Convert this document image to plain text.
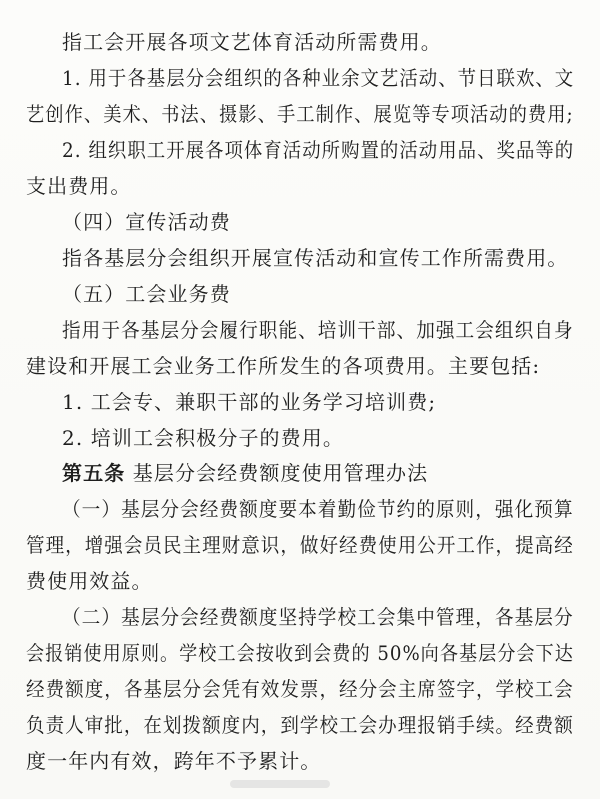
指工会开展各项文艺体育活动所需费用。
1. 用于各基层分会组织的各种业余文艺活动、节日联欢、文
艺创作、美术、书法、摄影、手工制作、展览等专项活动的费用;
2. 组织职工开展各项体育活动所购置的活动用品、奖品等的
支出费用。
（四）宣传活动费
指各基层分会组织开展宣传活动和宣传工作所需费用。
（五）工会业务费
指用于各基层分会履行职能、培训干部、加强工会组织自身
建设和开展工会业务工作所发生的各项费用。主要包括:
1. 工会专、兼职干部的业务学习培训费;
2. 培训工会积极分子的费用。
第五条 基层分会经费额度使用管理办法
（一）基层分会经费额度要本着勤俭节约的原则，强化预算
管理，增强会员民主理财意识，做好经费使用公开工作，提高经
费使用效益。
（二）基层分会经费额度坚持学校工会集中管理，各基层分
会报销使用原则。学校工会按收到会费的 50%向各基层分会下达
经费额度，各基层分会凭有效发票，经分会主席签字，学校工会
负责人审批，在划拨额度内，到学校工会办理报销手续。经费额
度一年内有效，跨年不予累计。
